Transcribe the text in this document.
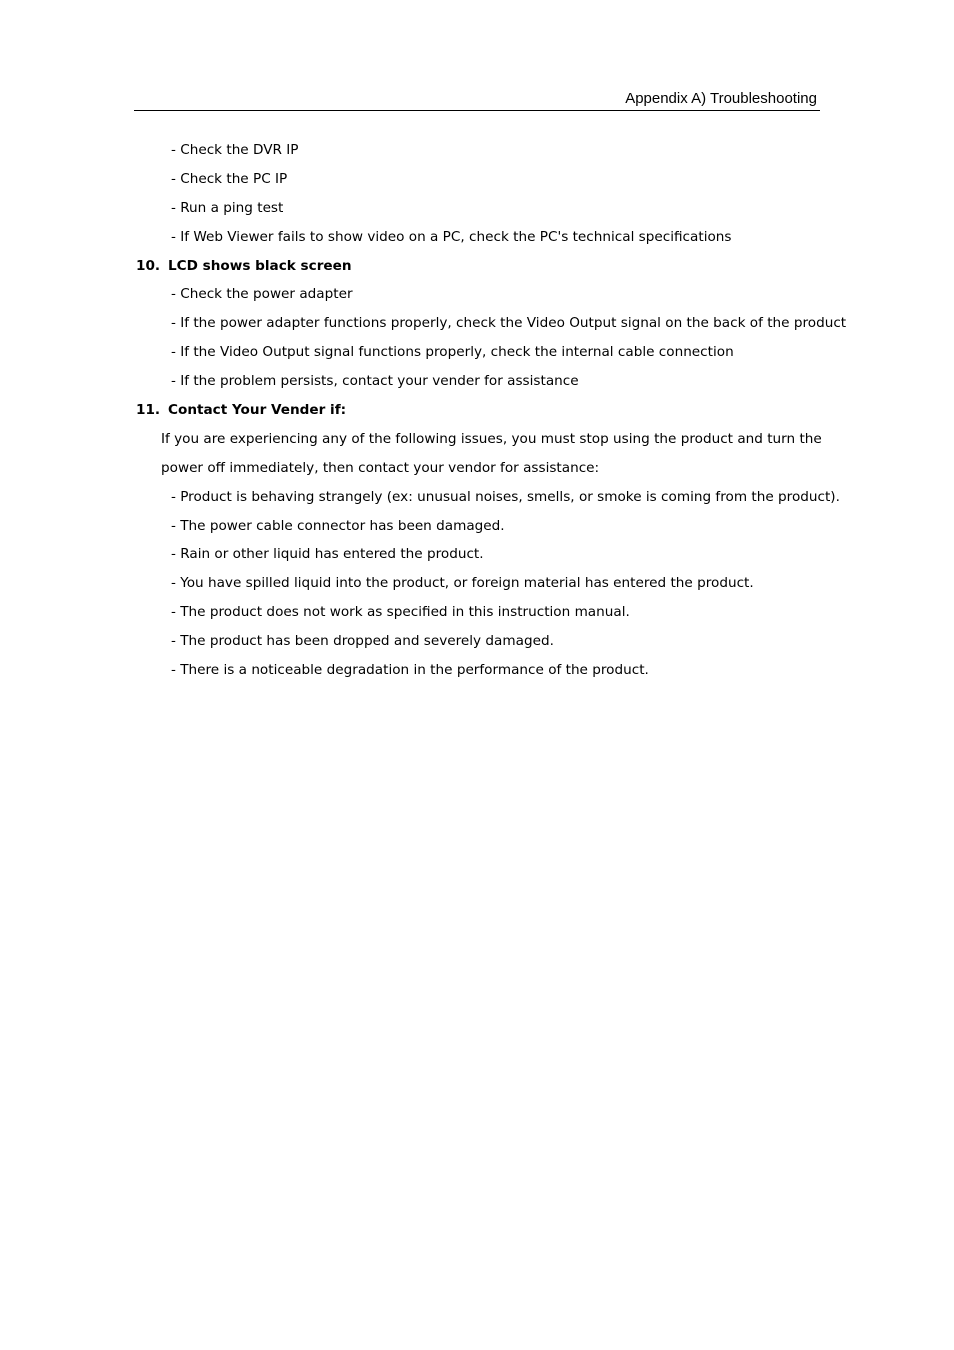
Appendix A) Troubleshooting
- Check the DVR IP
- Check the PC IP
- Run a ping test
- If Web Viewer fails to show video on a PC, check the PC's technical specifications
10. LCD shows black screen
- Check the power adapter
- If the power adapter functions properly, check the Video Output signal on the back of the product
- If the Video Output signal functions properly, check the internal cable connection
- If the problem persists, contact your vender for assistance
11. Contact Your Vender if:
If you are experiencing any of the following issues, you must stop using the product and turn the
power off immediately, then contact your vendor for assistance:
- Product is behaving strangely (ex: unusual noises, smells, or smoke is coming from the product).
- The power cable connector has been damaged.
- Rain or other liquid has entered the product.
- You have spilled liquid into the product, or foreign material has entered the product.
- The product does not work as specified in this instruction manual.
- The product has been dropped and severely damaged.
- There is a noticeable degradation in the performance of the product.
